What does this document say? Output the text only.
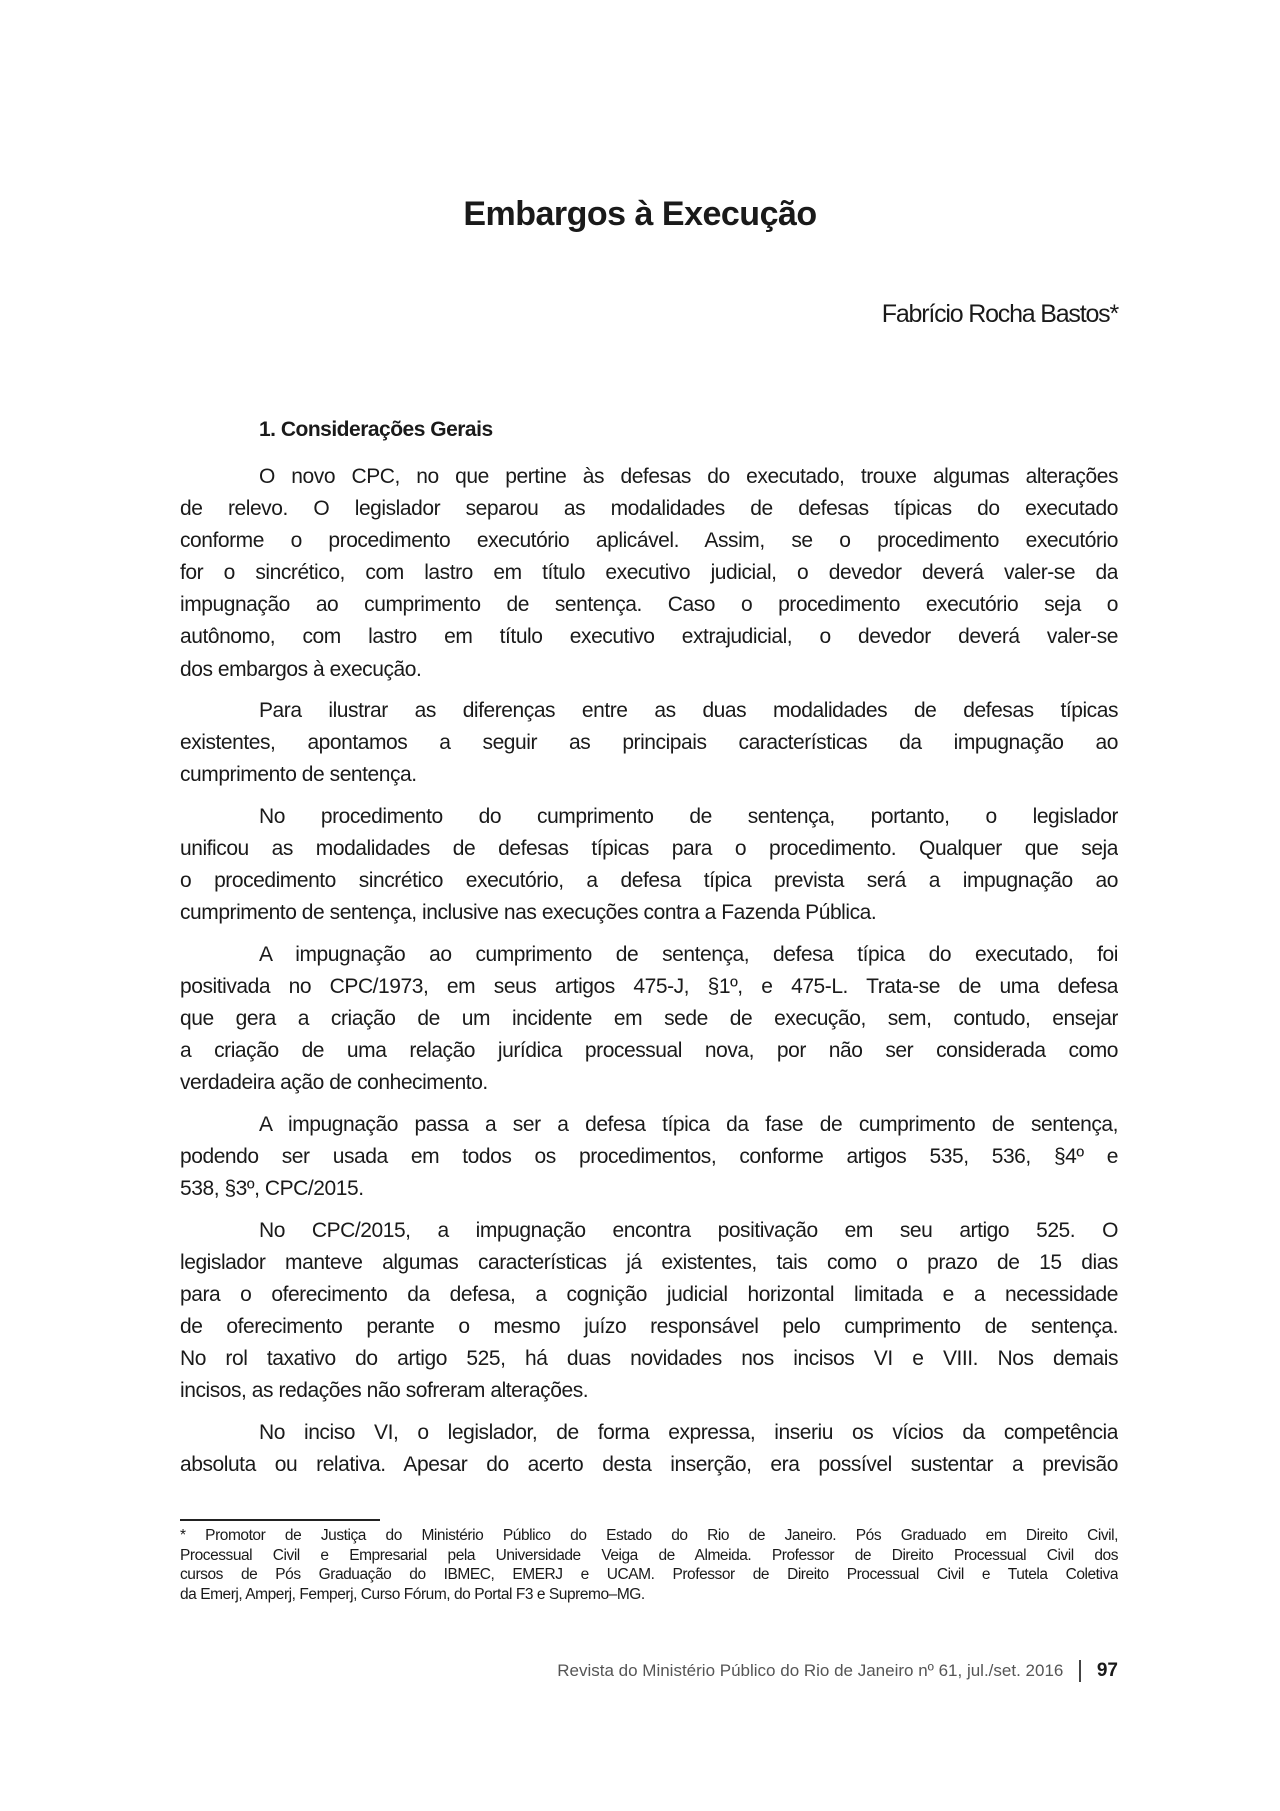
Embargos à Execução
Fabrício Rocha Bastos*
1. Considerações Gerais
O novo CPC, no que pertine às defesas do executado, trouxe algumas alterações
de relevo. O legislador separou as modalidades de defesas típicas do executado
conforme o procedimento executório aplicável. Assim, se o procedimento executório
for o sincrético, com lastro em título executivo judicial, o devedor deverá valer-se da
impugnação ao cumprimento de sentença. Caso o procedimento executório seja o
autônomo, com lastro em título executivo extrajudicial, o devedor deverá valer-se
dos embargos à execução.
Para ilustrar as diferenças entre as duas modalidades de defesas típicas
existentes, apontamos a seguir as principais características da impugnação ao
cumprimento de sentença.
No procedimento do cumprimento de sentença, portanto, o legislador
unificou as modalidades de defesas típicas para o procedimento. Qualquer que seja
o procedimento sincrético executório, a defesa típica prevista será a impugnação ao
cumprimento de sentença, inclusive nas execuções contra a Fazenda Pública.
A impugnação ao cumprimento de sentença, defesa típica do executado, foi
positivada no CPC/1973, em seus artigos 475-J, §1º, e 475-L. Trata-se de uma defesa
que gera a criação de um incidente em sede de execução, sem, contudo, ensejar
a criação de uma relação jurídica processual nova, por não ser considerada como
verdadeira ação de conhecimento.
A impugnação passa a ser a defesa típica da fase de cumprimento de sentença,
podendo ser usada em todos os procedimentos, conforme artigos 535, 536, §4º e
538, §3º, CPC/2015.
No CPC/2015, a impugnação encontra positivação em seu artigo 525. O
legislador manteve algumas características já existentes, tais como o prazo de 15 dias
para o oferecimento da defesa, a cognição judicial horizontal limitada e a necessidade
de oferecimento perante o mesmo juízo responsável pelo cumprimento de sentença.
No rol taxativo do artigo 525, há duas novidades nos incisos VI e VIII. Nos demais
incisos, as redações não sofreram alterações.
No inciso VI, o legislador, de forma expressa, inseriu os vícios da competência
absoluta ou relativa. Apesar do acerto desta inserção, era possível sustentar a previsão
* Promotor de Justiça do Ministério Público do Estado do Rio de Janeiro. Pós Graduado em Direito Civil,
Processual Civil e Empresarial pela Universidade Veiga de Almeida. Professor de Direito Processual Civil dos
cursos de Pós Graduação do IBMEC, EMERJ e UCAM. Professor de Direito Processual Civil e Tutela Coletiva
da Emerj, Amperj, Femperj, Curso Fórum, do Portal F3 e Supremo–MG.
Revista do Ministério Público do Rio de Janeiro nº 61, jul./set. 2016 97
